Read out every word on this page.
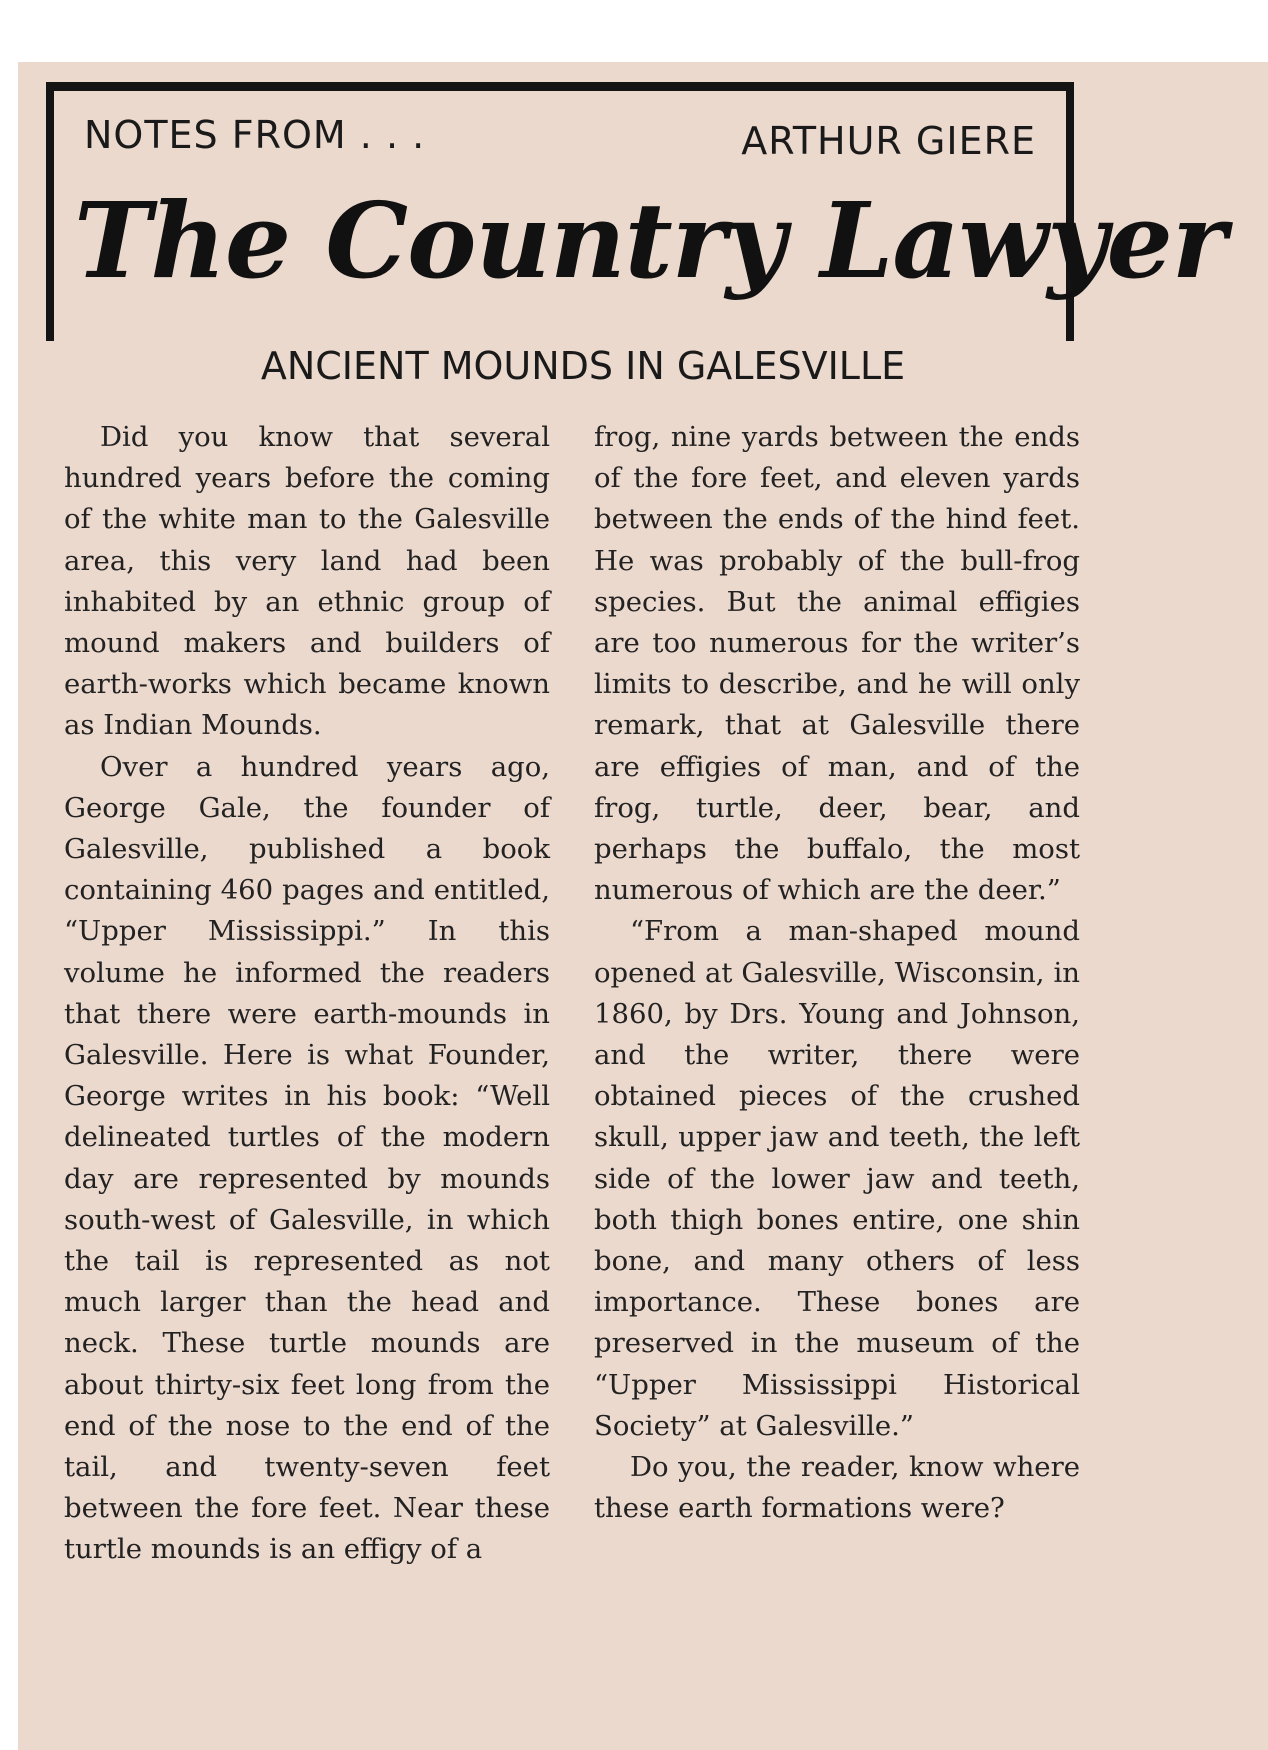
NOTES FROM . . .	ARTHUR GIERE
The Country Lawyer
ANCIENT MOUNDS IN GALESVILLE

Did you know that several hundred years before the coming of the white man to the Galesville area, this very land had been inhabited by an ethnic group of mound makers and builders of earth-works which became known as Indian Mounds.

Over a hundred years ago, George Gale, the founder of Galesville, published a book containing 460 pages and entitled, “Upper Mississippi.” In this volume he informed the readers that there were earth-mounds in Galesville. Here is what Founder, George writes in his book: “Well delineated turtles of the modern day are represented by mounds south-west of Galesville, in which the tail is represented as not much larger than the head and neck. These turtle mounds are about thirty-six feet long from the end of the nose to the end of the tail, and twenty-seven feet between the fore feet. Near these turtle mounds is an effigy of a

frog, nine yards between the ends of the fore feet, and eleven yards between the ends of the hind feet. He was probably of the bull-frog species. But the animal effigies are too numerous for the writer’s limits to describe, and he will only remark, that at Galesville there are effigies of man, and of the frog, turtle, deer, bear, and perhaps the buffalo, the most numerous of which are the deer.”

“From a man-shaped mound opened at Galesville, Wisconsin, in 1860, by Drs. Young and Johnson, and the writer, there were obtained pieces of the crushed skull, upper jaw and teeth, the left side of the lower jaw and teeth, both thigh bones entire, one shin bone, and many others of less importance. These bones are preserved in the museum of the “Upper Mississippi Historical Society” at Galesville.”

Do you, the reader, know where these earth formations were?
